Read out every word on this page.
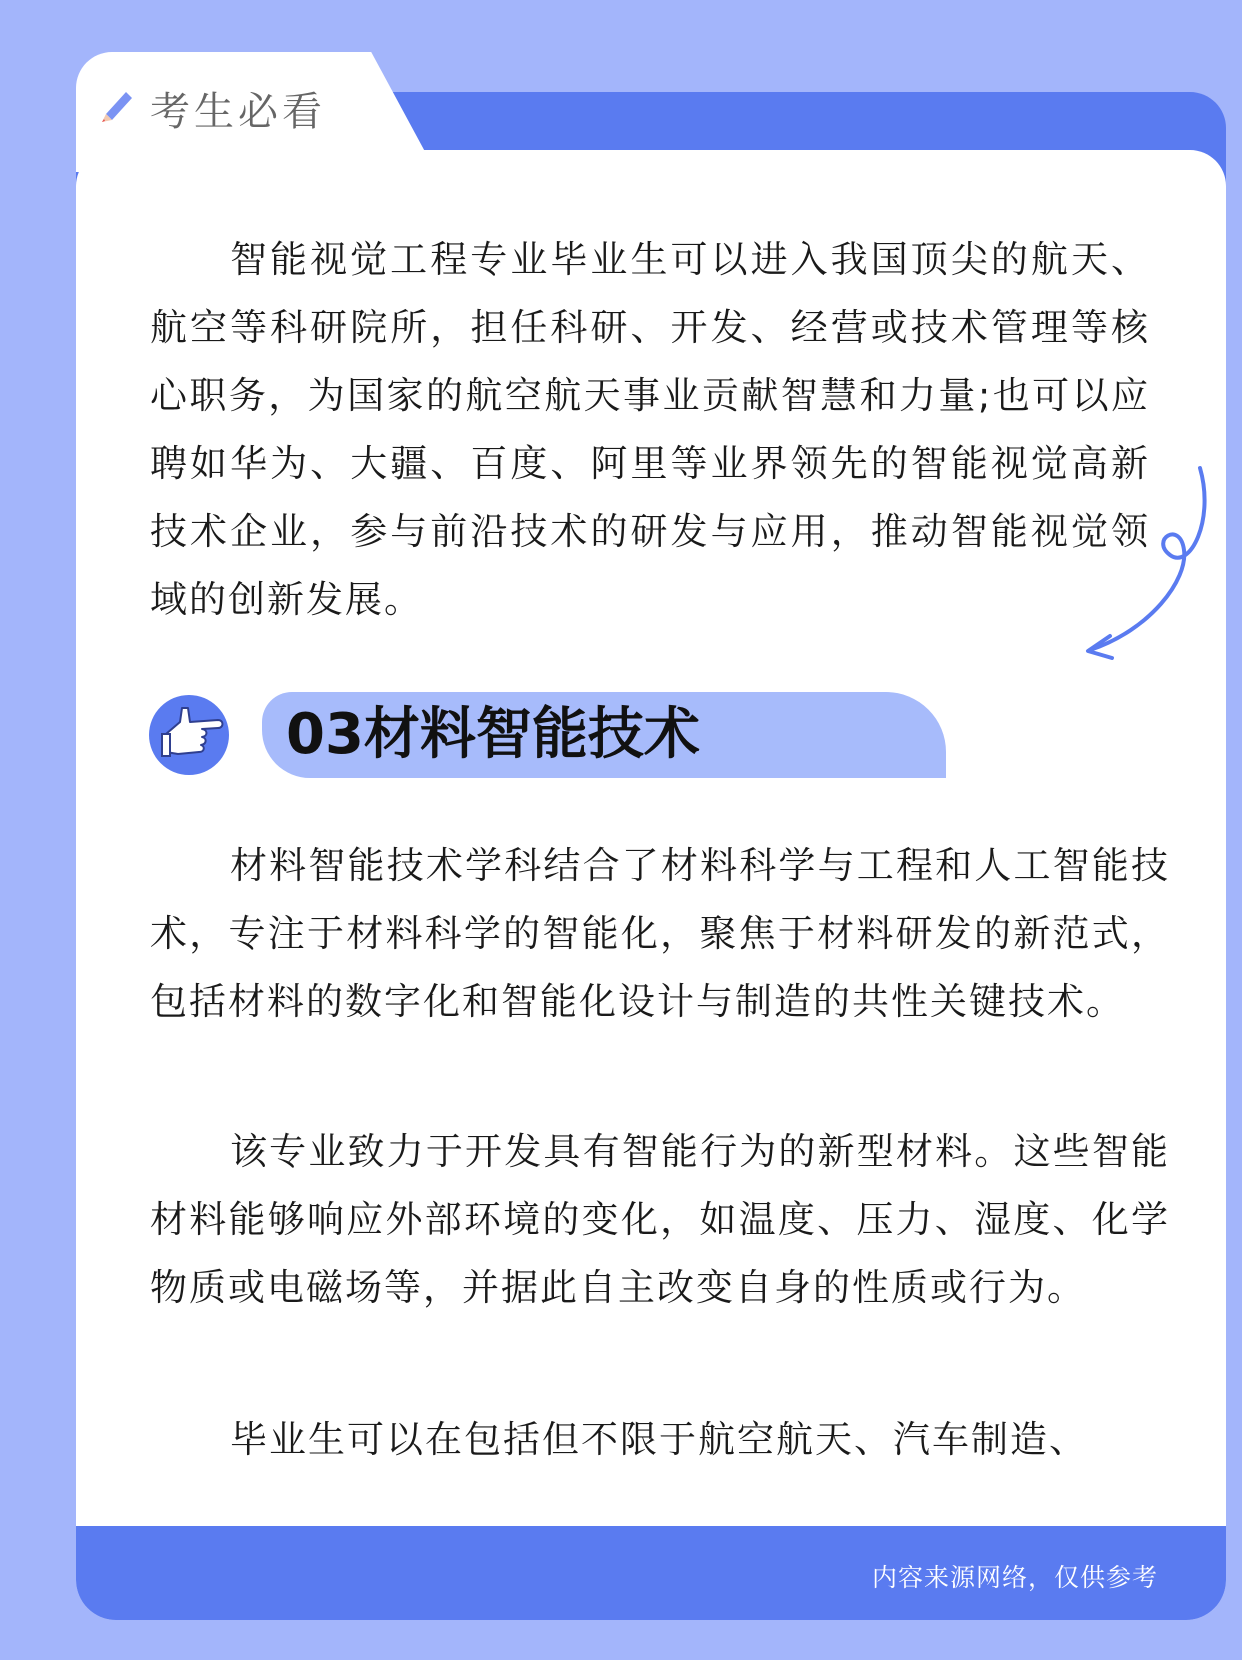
考生必看

智能视觉工程专业毕业生可以进入我国顶尖的航天、航空等科研院所，担任科研、开发、经营或技术管理等核心职务，为国家的航空航天事业贡献智慧和力量;也可以应聘如华为、大疆、百度、阿里等业界领先的智能视觉高新技术企业，参与前沿技术的研发与应用，推动智能视觉领域的创新发展。

03材料智能技术

材料智能技术学科结合了材料科学与工程和人工智能技术，专注于材料科学的智能化，聚焦于材料研发的新范式，包括材料的数字化和智能化设计与制造的共性关键技术。

该专业致力于开发具有智能行为的新型材料。这些智能材料能够响应外部环境的变化，如温度、压力、湿度、化学物质或电磁场等，并据此自主改变自身的性质或行为。

毕业生可以在包括但不限于航空航天、汽车制造、

内容来源网络，仅供参考
